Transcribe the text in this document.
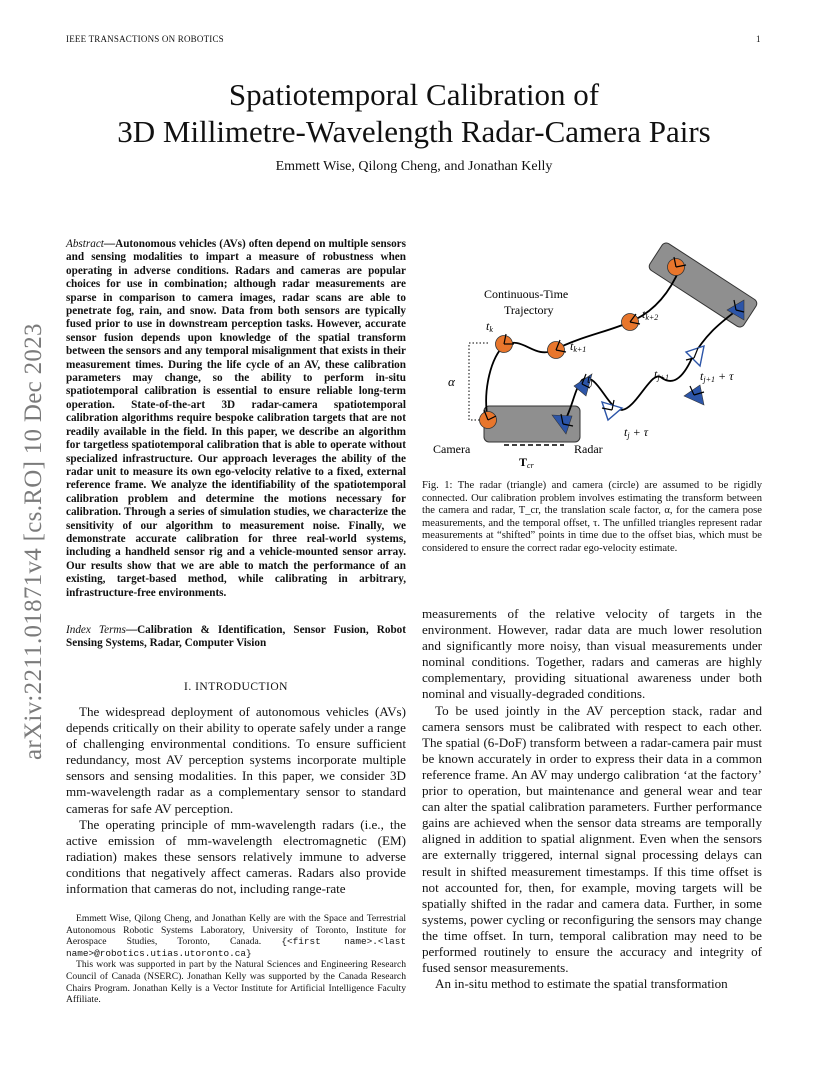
IEEE TRANSACTIONS ON ROBOTICS	1
Spatiotemporal Calibration of
3D Millimetre-Wavelength Radar-Camera Pairs
Emmett Wise, Qilong Cheng, and Jonathan Kelly
arXiv:2211.01871v4 [cs.RO] 10 Dec 2023
Abstract—Autonomous vehicles (AVs) often depend on multiple sensors and sensing modalities to impart a measure of robustness when operating in adverse conditions. Radars and cameras are popular choices for use in combination; although radar measurements are sparse in comparison to camera images, radar scans are able to penetrate fog, rain, and snow. Data from both sensors are typically fused prior to use in downstream perception tasks. However, accurate sensor fusion depends upon knowledge of the spatial transform between the sensors and any temporal misalignment that exists in their measurement times. During the life cycle of an AV, these calibration parameters may change, so the ability to perform in-situ spatiotemporal calibration is essential to ensure reliable long-term operation. State-of-the-art 3D radar-camera spatiotemporal calibration algorithms require bespoke calibration targets that are not readily available in the field. In this paper, we describe an algorithm for targetless spatiotemporal calibration that is able to operate without specialized infrastructure. Our approach leverages the ability of the radar unit to measure its own ego-velocity relative to a fixed, external reference frame. We analyze the identifiability of the spatiotemporal calibration problem and determine the motions necessary for calibration. Through a series of simulation studies, we characterize the sensitivity of our algorithm to measurement noise. Finally, we demonstrate accurate calibration for three real-world systems, including a handheld sensor rig and a vehicle-mounted sensor array. Our results show that we are able to match the performance of an existing, target-based method, while calibrating in arbitrary, infrastructure-free environments.
Index Terms—Calibration & Identification, Sensor Fusion, Robot Sensing Systems, Radar, Computer Vision
I. INTRODUCTION

The widespread deployment of autonomous vehicles (AVs) depends critically on their ability to operate safely under a range of challenging environmental conditions. To ensure sufficient redundancy, most AV perception systems incorporate multiple sensors and sensing modalities. In this paper, we consider 3D mm-wavelength radar as a complementary sensor to standard cameras for safe AV perception.

The operating principle of mm-wavelength radars (i.e., the active emission of mm-wavelength electromagnetic (EM) radiation) makes these sensors relatively immune to adverse conditions that negatively affect cameras. Radars also provide information that cameras do not, including range-rate

Emmett Wise, Qilong Cheng, and Jonathan Kelly are with the Space and Terrestrial Autonomous Robotic Systems Laboratory, University of Toronto, Institute for Aerospace Studies, Toronto, Canada. {<first name>.<last name>@robotics.utias.utoronto.ca}

This work was supported in part by the Natural Sciences and Engineering Research Council of Canada (NSERC). Jonathan Kelly was supported by the Canada Research Chairs Program. Jonathan Kelly is a Vector Institute for Artificial Intelligence Faculty Affiliate.

α
Continuous-Time
Trajectory
Camera	Radar
Tcr
tk
tk+1
tk+2
tj
tj+1
tj + τ
tj+1 + τ
Fig. 1: The radar (triangle) and camera (circle) are assumed to be rigidly connected. Our calibration problem involves estimating the transform between the camera and radar, T_cr, the translation scale factor, α, for the camera pose measurements, and the temporal offset, τ. The unfilled triangles represent radar measurements at “shifted” points in time due to the offset bias, which must be considered to ensure the correct radar ego-velocity estimate.

measurements of the relative velocity of targets in the environment. However, radar data are much lower resolution and significantly more noisy, than visual measurements under nominal conditions. Together, radars and cameras are highly complementary, providing situational awareness under both nominal and visually-degraded conditions.

To be used jointly in the AV perception stack, radar and camera sensors must be calibrated with respect to each other. The spatial (6-DoF) transform between a radar-camera pair must be known accurately in order to express their data in a common reference frame. An AV may undergo calibration ‘at the factory’ prior to operation, but maintenance and general wear and tear can alter the spatial calibration parameters. Further performance gains are achieved when the sensor data streams are temporally aligned in addition to spatial alignment. Even when the sensors are externally triggered, internal signal processing delays can result in shifted measurement timestamps. If this time offset is not accounted for, then, for example, moving targets will be spatially shifted in the radar and camera data. Further, in some systems, power cycling or reconfiguring the sensors may change the time offset. In turn, temporal calibration may need to be performed routinely to ensure the accuracy and integrity of fused sensor measurements.

An in-situ method to estimate the spatial transformation
